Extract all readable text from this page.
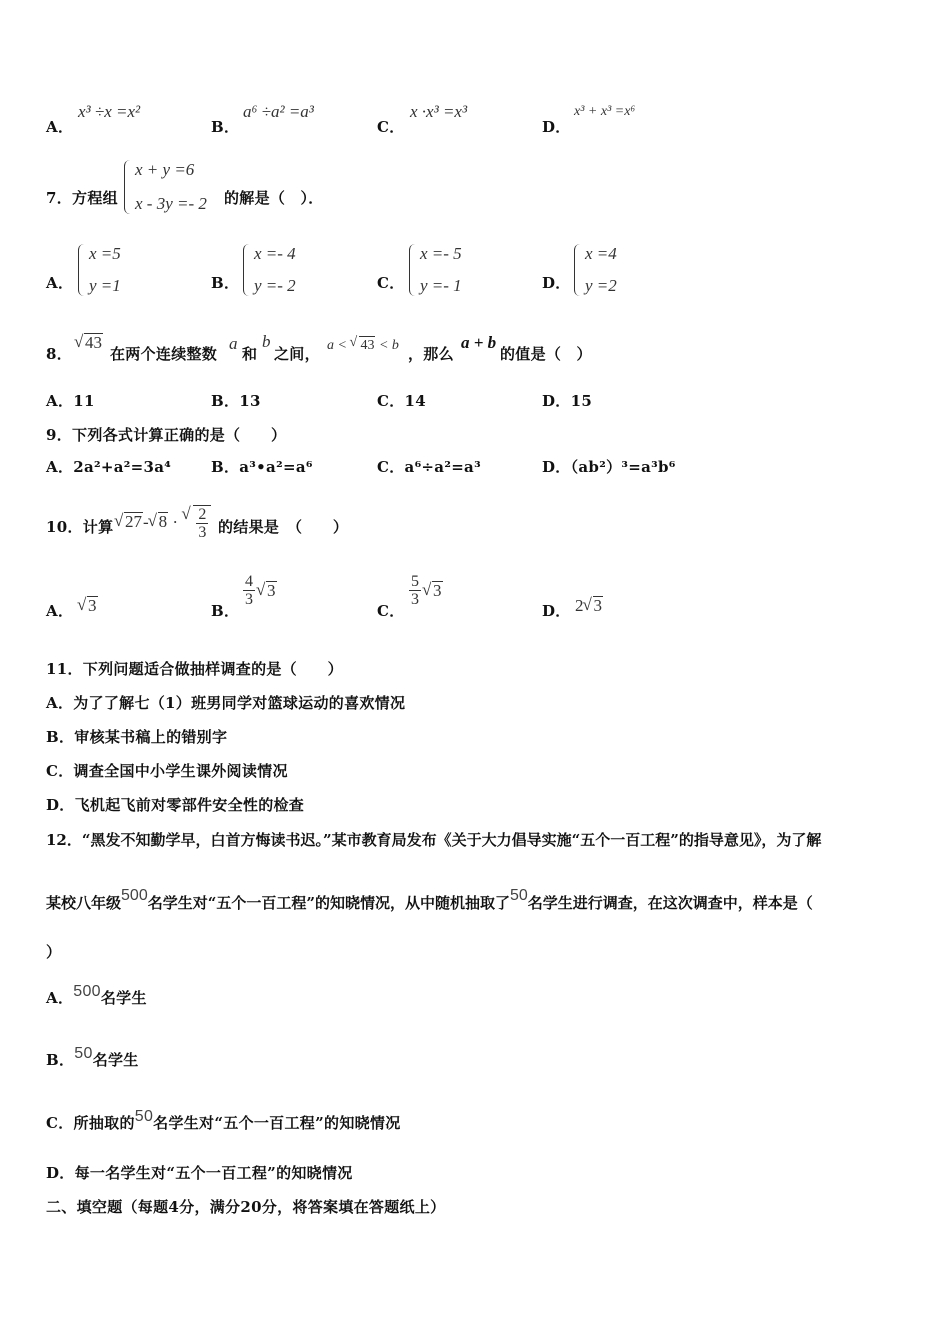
A．
x³ ÷x =x²
B．
a⁶ ÷a² =a³
C．
x ·x³ =x³
D．
x³ + x³ =x⁶
7．方程组
x + y =6
x - 3y =- 2 的解是（　）．
A．
x =5
y =1	B．
x =- 4
y =- 2	C．
x =- 5
y =- 1	D．
x =4
y =2
8．
√ 43
在两个连续整数
a
和
b
之间， a < √ 43 < b ，那么
a + b
的值是（　）
A．11	B．13	C．14	D．15
9．下列各式计算正确的是（　　）
A．2a²+a²=3a⁴	B．a³•a²=a⁶	C．a⁶÷a²=a³	D．（ab²）³=a³b⁶
10．计算 √ 27- √ 8 · √ $\frac{2}{3}$ 的结果是　（　　）
A． √ 3	B．
$\frac{4}{3}$ √ 3
C．
$\frac{5}{3}$ √ 3
D． 2 √ 3
11．下列问题适合做抽样调查的是（　　）
A．为了了解七（1）班男同学对篮球运动的喜欢情况
B．审核某书稿上的错别字
C．调查全国中小学生课外阅读情况
D．飞机起飞前对零部件安全性的检查
12．“黑发不知勤学早，白首方悔读书迟。”某市教育局发布《关于大力倡导实施“五个一百工程”的指导意见》，为了解
某校八年级500名学生对“五个一百工程”的知晓情况，从中随机抽取了50名学生进行调查，在这次调查中，样本是（
）
A．500名学生
B．50名学生
C．所抽取的50名学生对“五个一百工程”的知晓情况
D．每一名学生对“五个一百工程”的知晓情况
二、填空题（每题4分，满分20分，将答案填在答题纸上）
